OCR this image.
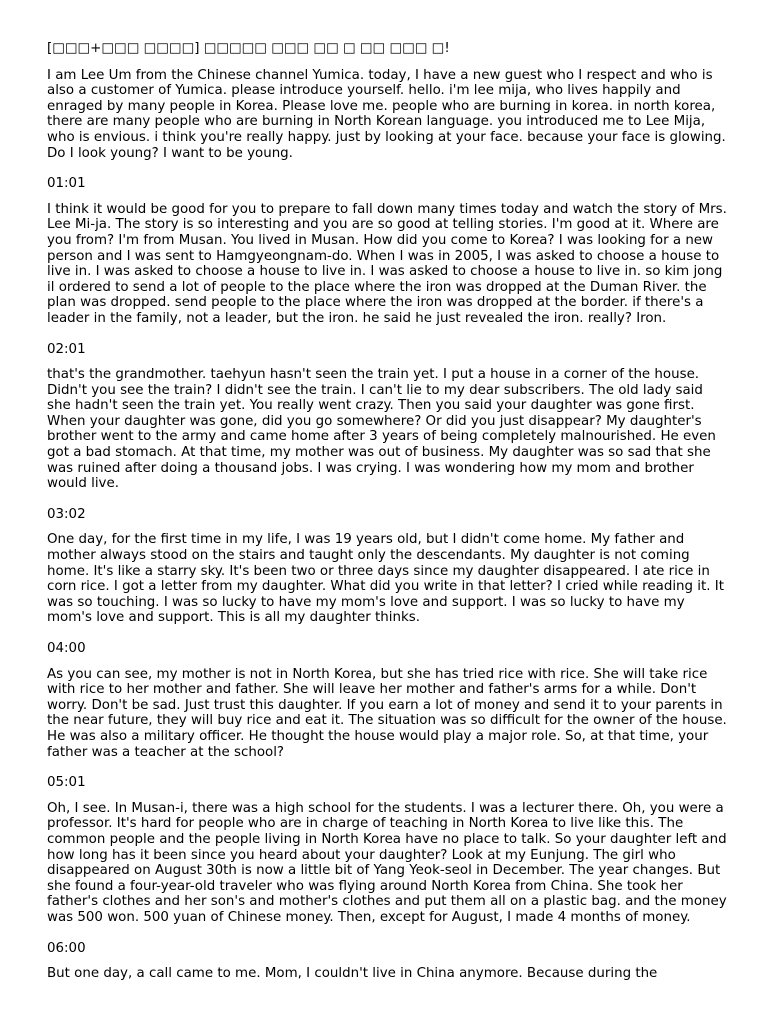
[□□□+□□□ □□□□] □□□□□ □□□ □□ □ □□ □□□ □!

I am Lee Um from the Chinese channel Yumica. today, I have a new guest who I respect and who is also a customer of Yumica. please introduce yourself. hello. i'm lee mija, who lives happily and enraged by many people in Korea. Please love me. people who are burning in korea. in north korea, there are many people who are burning in North Korean language. you introduced me to Lee Mija, who is envious. i think you're really happy. just by looking at your face. because your face is glowing. Do I look young? I want to be young.

01:01

I think it would be good for you to prepare to fall down many times today and watch the story of Mrs. Lee Mi-ja. The story is so interesting and you are so good at telling stories. I'm good at it. Where are you from? I'm from Musan. You lived in Musan. How did you come to Korea? I was looking for a new person and I was sent to Hamgyeongnam-do. When I was in 2005, I was asked to choose a house to live in. I was asked to choose a house to live in. I was asked to choose a house to live in. so kim jong il ordered to send a lot of people to the place where the iron was dropped at the Duman River. the plan was dropped. send people to the place where the iron was dropped at the border. if there's a leader in the family, not a leader, but the iron. he said he just revealed the iron. really? Iron.

02:01

that's the grandmother. taehyun hasn't seen the train yet. I put a house in a corner of the house. Didn't you see the train? I didn't see the train. I can't lie to my dear subscribers. The old lady said she hadn't seen the train yet. You really went crazy. Then you said your daughter was gone first. When your daughter was gone, did you go somewhere? Or did you just disappear? My daughter's brother went to the army and came home after 3 years of being completely malnourished. He even got a bad stomach. At that time, my mother was out of business. My daughter was so sad that she was ruined after doing a thousand jobs. I was crying. I was wondering how my mom and brother would live.

03:02

One day, for the first time in my life, I was 19 years old, but I didn't come home. My father and mother always stood on the stairs and taught only the descendants. My daughter is not coming home. It's like a starry sky. It's been two or three days since my daughter disappeared. I ate rice in corn rice. I got a letter from my daughter. What did you write in that letter? I cried while reading it. It was so touching. I was so lucky to have my mom's love and support. I was so lucky to have my mom's love and support. This is all my daughter thinks.

04:00

As you can see, my mother is not in North Korea, but she has tried rice with rice. She will take rice with rice to her mother and father. She will leave her mother and father's arms for a while. Don't worry. Don't be sad. Just trust this daughter. If you earn a lot of money and send it to your parents in the near future, they will buy rice and eat it. The situation was so difficult for the owner of the house. He was also a military officer. He thought the house would play a major role. So, at that time, your father was a teacher at the school?

05:01

Oh, I see. In Musan-i, there was a high school for the students. I was a lecturer there. Oh, you were a professor. It's hard for people who are in charge of teaching in North Korea to live like this. The common people and the people living in North Korea have no place to talk. So your daughter left and how long has it been since you heard about your daughter? Look at my Eunjung. The girl who disappeared on August 30th is now a little bit of Yang Yeok-seol in December. The year changes. But she found a four-year-old traveler who was flying around North Korea from China. She took her father's clothes and her son's and mother's clothes and put them all on a plastic bag. and the money was 500 won. 500 yuan of Chinese money. Then, except for August, I made 4 months of money.

06:00

But one day, a call came to me. Mom, I couldn't live in China anymore. Because during the
